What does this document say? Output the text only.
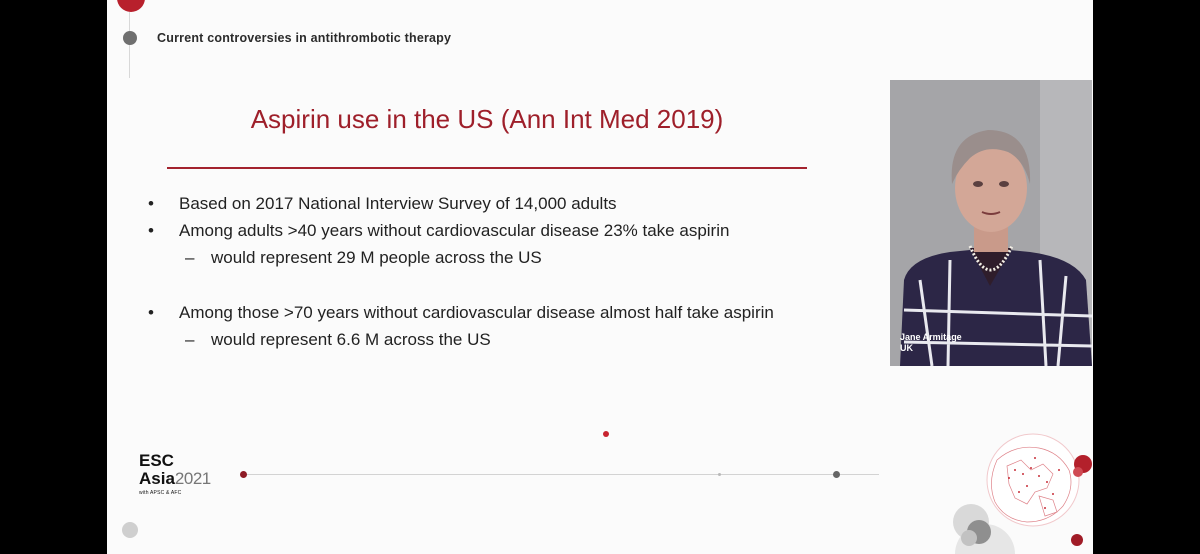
Current controversies in antithrombotic therapy
Aspirin use in the US (Ann Int Med 2019)
• Based on 2017 National Interview Survey of 14,000 adults
• Among adults >40 years without cardiovascular disease 23% take aspirin
– would represent 29 M people across the US
• Among those >70 years without cardiovascular disease almost half take aspirin
– would represent 6.6 M across the US
ESC
Asia2021
with APSC & AFC
Jane Armitage
UK
